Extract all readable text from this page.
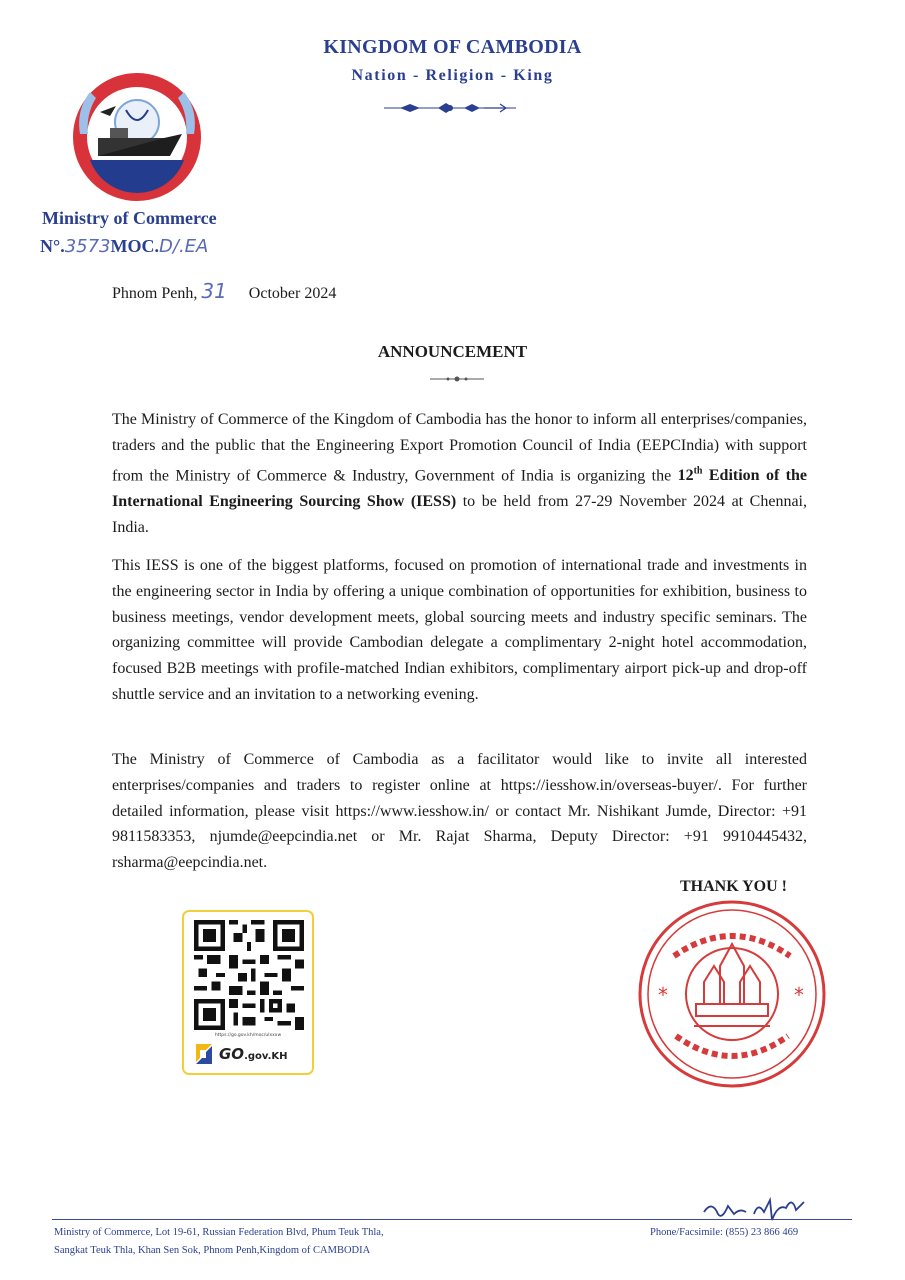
KINGDOM OF CAMBODIA
Nation - Religion - King
Ministry of Commerce
N°.3573MOC.D/.EA
Phnom Penh, 31 October 2024
ANNOUNCEMENT
The Ministry of Commerce of the Kingdom of Cambodia has the honor to inform all enterprises/companies, traders and the public that the Engineering Export Promotion Council of India (EEPCIndia) with support from the Ministry of Commerce & Industry, Government of India is organizing the 12th Edition of the International Engineering Sourcing Show (IESS) to be held from 27-29 November 2024 at Chennai, India.
This IESS is one of the biggest platforms, focused on promotion of international trade and investments in the engineering sector in India by offering a unique combination of opportunities for exhibition, business to business meetings, vendor development meets, global sourcing meets and industry specific seminars. The organizing committee will provide Cambodian delegate a complimentary 2-night hotel accommodation, focused B2B meetings with profile-matched Indian exhibitors, complimentary airport pick-up and drop-off shuttle service and an invitation to a networking evening.
The Ministry of Commerce of Cambodia as a facilitator would like to invite all interested enterprises/companies and traders to register online at https://iesshow.in/overseas-buyer/. For further detailed information, please visit https://www.iesshow.in/ or contact Mr. Nishikant Jumde, Director: +91 9811583353, njumde@eepcindia.net or Mr. Rajat Sharma, Deputy Director: +91 9910445432, rsharma@eepcindia.net.
THANK YOU !
https://go.gov.kh/moc/ulxxxw
GO.gov.KH
*	*
Ministry of Commerce, Lot 19-61, Russian Federation Blvd, Phum Teuk Thla,
Sangkat Teuk Thla, Khan Sen Sok, Phnom Penh,Kingdom of CAMBODIA
Phone/Facsimile: (855) 23 866 469
